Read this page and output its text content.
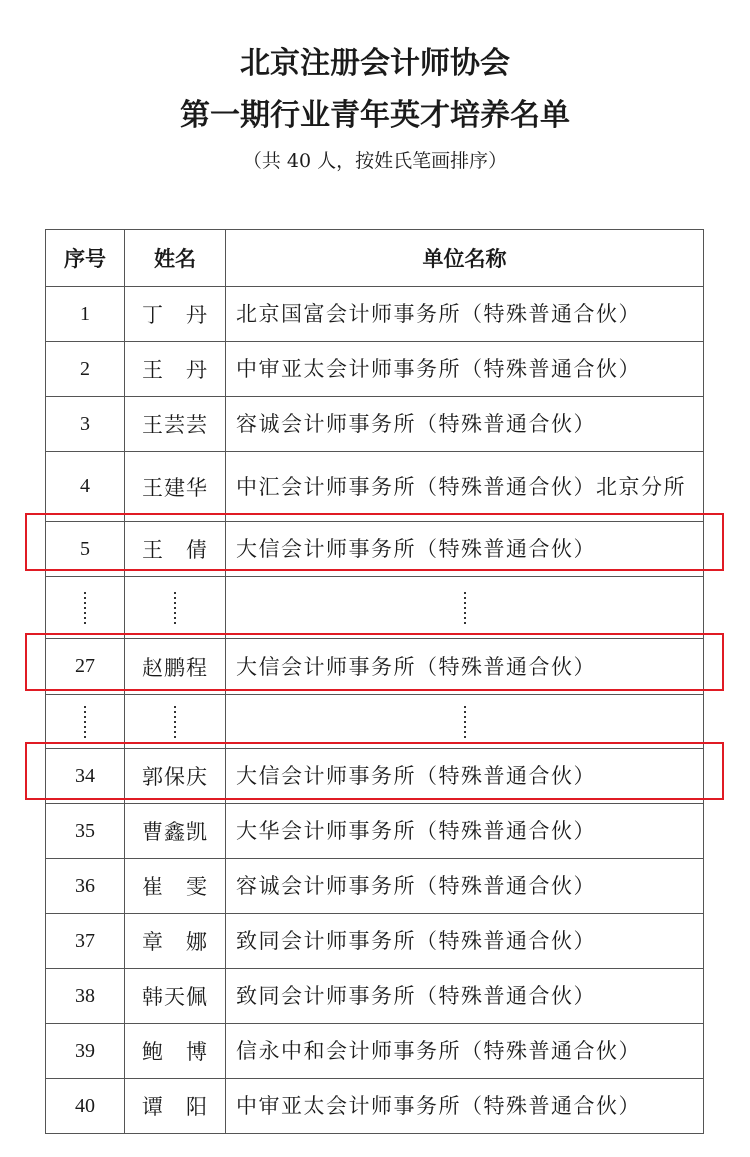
北京注册会计师协会
第一期行业青年英才培养名单
（共 40 人，按姓氏笔画排序）
序号	姓名	单位名称
1	丁　丹	北京国富会计师事务所（特殊普通合伙）
2	王　丹	中审亚太会计师事务所（特殊普通合伙）
3	王芸芸	容诚会计师事务所（特殊普通合伙）
4	王建华	中汇会计师事务所（特殊普通合伙）北京分所
5	王　倩	大信会计师事务所（特殊普通合伙）

27	赵鹏程	大信会计师事务所（特殊普通合伙）

34	郭保庆	大信会计师事务所（特殊普通合伙）
35	曹鑫凯	大华会计师事务所（特殊普通合伙）
36	崔　雯	容诚会计师事务所（特殊普通合伙）
37	章　娜	致同会计师事务所（特殊普通合伙）
38	韩天佩	致同会计师事务所（特殊普通合伙）
39	鲍　博	信永中和会计师事务所（特殊普通合伙）
40	谭　阳	中审亚太会计师事务所（特殊普通合伙）
